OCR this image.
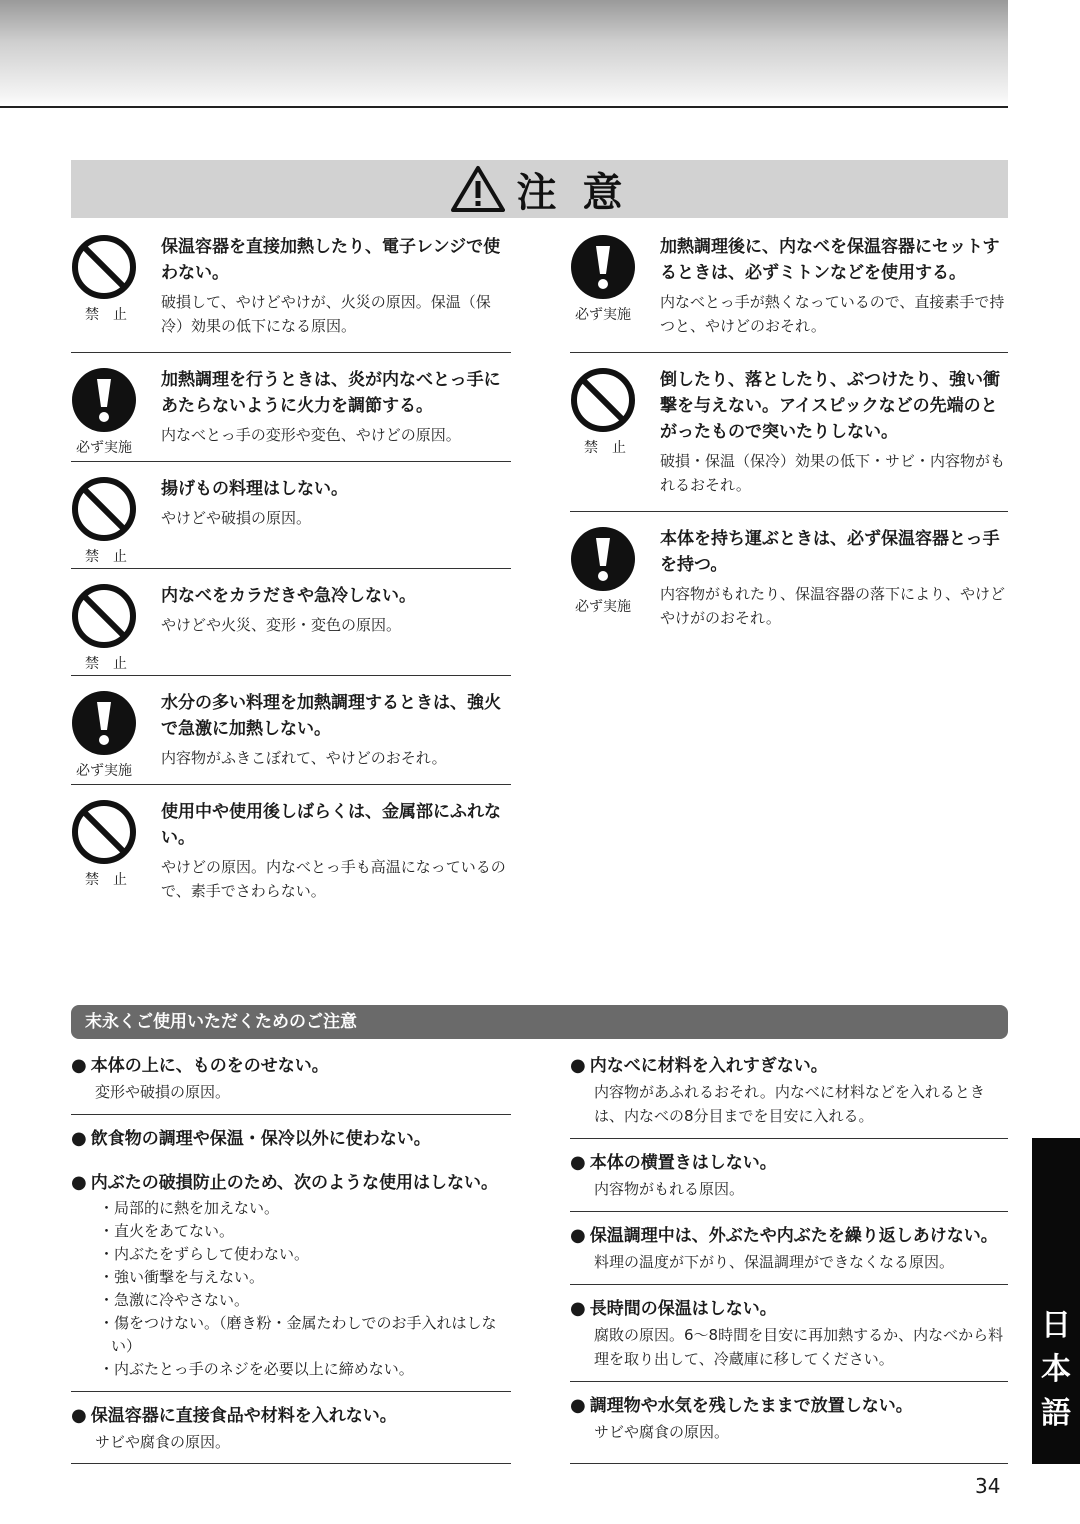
注 意
禁止
保温容器を直接加熱したり、電子レンジで使わない。
破損して、やけどやけが、火災の原因。保温（保冷）効果の低下になる原因。
必ず実施
加熱調理を行うときは、炎が内なべとっ手にあたらないように火力を調節する。
内なべとっ手の変形や変色、やけどの原因。
禁止
揚げもの料理はしない。
やけどや破損の原因。
禁止
内なべをカラだきや急冷しない。
やけどや火災、変形・変色の原因。
必ず実施
水分の多い料理を加熱調理するときは、強火で急激に加熱しない。
内容物がふきこぼれて、やけどのおそれ。
禁止
使用中や使用後しばらくは、金属部にふれない。
やけどの原因。内なべとっ手も高温になっているので、素手でさわらない。
必ず実施
加熱調理後に、内なべを保温容器にセットするときは、必ずミトンなどを使用する。
内なべとっ手が熱くなっているので、直接素手で持つと、やけどのおそれ。
禁止
倒したり、落としたり、ぶつけたり、強い衝撃を与えない。アイスピックなどの先端のとがったもので突いたりしない。
破損・保温（保冷）効果の低下・サビ・内容物がもれるおそれ。
必ず実施
本体を持ち運ぶときは、必ず保温容器とっ手を持つ。
内容物がもれたり、保温容器の落下により、やけどやけがのおそれ。
末永くご使用いただくためのご注意
● 本体の上に、ものをのせない。
変形や破損の原因。
● 飲食物の調理や保温・保冷以外に使わない。
● 内ぶたの破損防止のため、次のような使用はしない。
・局部的に熱を加えない。
・直火をあてない。
・内ぶたをずらして使わない。
・強い衝撃を与えない。
・急激に冷やさない。
・傷をつけない。（磨き粉・金属たわしでのお手入れはしない）
・内ぶたとっ手のネジを必要以上に締めない。
● 保温容器に直接食品や材料を入れない。
サビや腐食の原因。
● 内なべに材料を入れすぎない。
内容物があふれるおそれ。内なべに材料などを入れるときは、内なべの8分目までを目安に入れる。
● 本体の横置きはしない。
内容物がもれる原因。
● 保温調理中は、外ぶたや内ぶたを繰り返しあけない。
料理の温度が下がり、保温調理ができなくなる原因。
● 長時間の保温はしない。
腐敗の原因。6～8時間を目安に再加熱するか、内なべから料理を取り出して、冷蔵庫に移してください。
● 調理物や水気を残したままで放置しない。
サビや腐食の原因。
日
本
語
34
